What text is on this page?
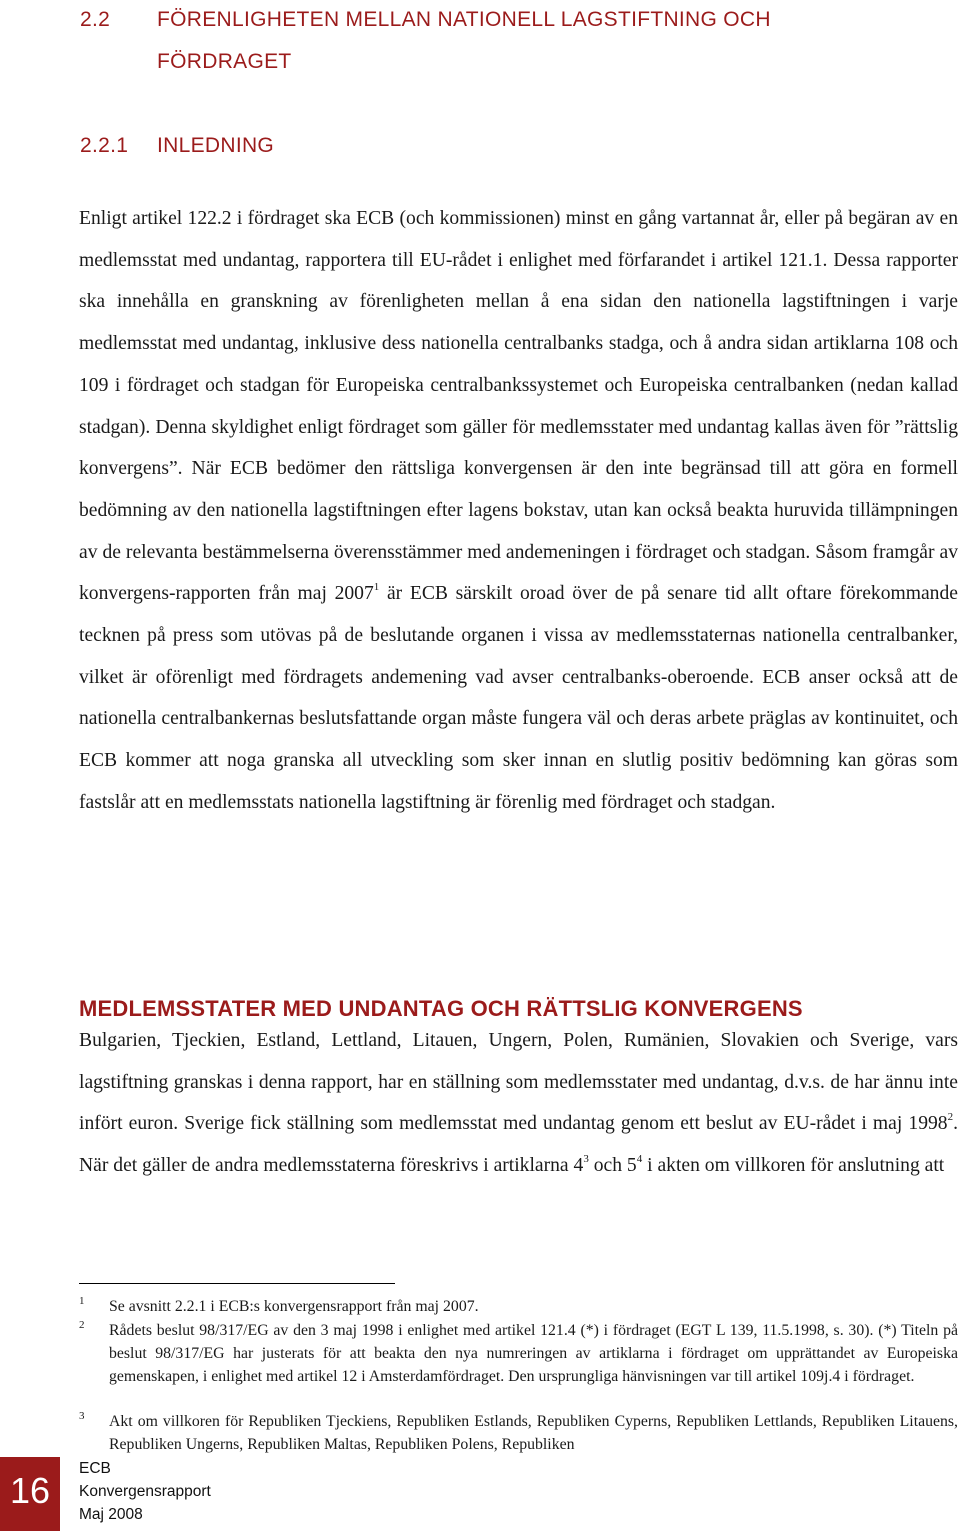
2.2 FÖRENLIGHETEN MELLAN NATIONELL LAGSTIFTNING OCH
FÖRDRAGET
2.2.1 INLEDNING

Enligt artikel 122.2 i fördraget ska ECB (och kommissionen) minst en gång vartannat år, eller på begäran av en medlemsstat med undantag, rapportera till EU-rådet i enlighet med förfarandet i artikel 121.1. Dessa rapporter ska innehålla en granskning av förenligheten mellan å ena sidan den nationella lagstiftningen i varje medlemsstat med undantag, inklusive dess nationella centralbanks stadga, och å andra sidan artiklarna 108 och 109 i fördraget och stadgan för Europeiska centralbankssystemet och Europeiska centralbanken (nedan kallad stadgan). Denna skyldighet enligt fördraget som gäller för medlemsstater med undantag kallas även för ”rättslig konvergens”. När ECB bedömer den rättsliga konvergensen är den inte begränsad till att göra en formell bedömning av den nationella lagstiftningen efter lagens bokstav, utan kan också beakta huruvida tillämpningen av de relevanta bestämmelserna överensstämmer med andemeningen i fördraget och stadgan. Såsom framgår av konvergens-rapporten från maj 2007$^1$ är ECB särskilt oroad över de på senare tid allt oftare förekommande tecknen på press som utövas på de beslutande organen i vissa av medlemsstaternas nationella centralbanker, vilket är oförenligt med fördragets andemening vad avser centralbanks-oberoende. ECB anser också att de nationella centralbankernas beslutsfattande organ måste fungera väl och deras arbete präglas av kontinuitet, och ECB kommer att noga granska all utveckling som sker innan en slutlig positiv bedömning kan göras som fastslår att en medlemsstats nationella lagstiftning är förenlig med fördraget och stadgan.

MEDLEMSSTATER MED UNDANTAG OCH RÄTTSLIG KONVERGENS

Bulgarien, Tjeckien, Estland, Lettland, Litauen, Ungern, Polen, Rumänien, Slovakien och Sverige, vars lagstiftning granskas i denna rapport, har en ställning som medlemsstater med undantag, d.v.s. de har ännu inte infört euron. Sverige fick ställning som medlemsstat med undantag genom ett beslut av EU-rådet i maj 1998$^2$. När det gäller de andra medlemsstaterna föreskrivs i artiklarna $4^3$ och $5^4$ i akten om villkoren för anslutning att

1 Se avsnitt 2.2.1 i ECB:s konvergensrapport från maj 2007.
2 Rådets beslut 98/317/EG av den 3 maj 1998 i enlighet med artikel 121.4 (*) i fördraget (EGT L 139, 11.5.1998, s. 30). (*) Titeln på beslut 98/317/EG har justerats för att beakta den nya numreringen av artiklarna i fördraget om upprättandet av Europeiska gemenskapen, i enlighet med artikel 12 i Amsterdamfördraget. Den ursprungliga hänvisningen var till artikel 109j.4 i fördraget.
3 Akt om villkoren för Republiken Tjeckiens, Republiken Estlands, Republiken Cyperns, Republiken Lettlands, Republiken Litauens, Republiken Ungerns, Republiken Maltas, Republiken Polens, Republiken
16
ECB
Konvergensrapport
Maj 2008
